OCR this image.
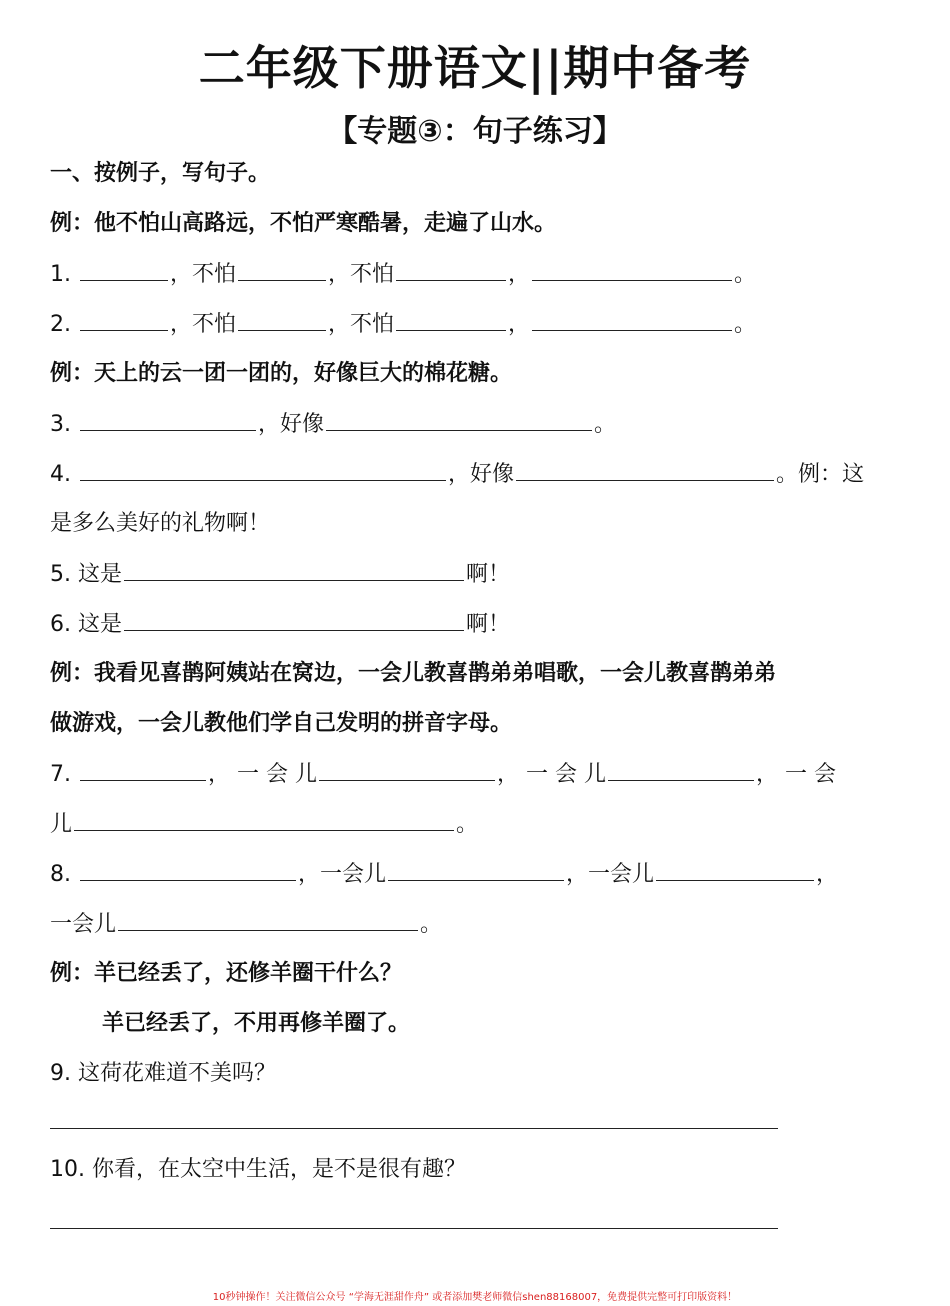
二年级下册语文||期中备考
【专题③：句子练习】
一、按例子，写句子。
例：他不怕山高路远，不怕严寒酷暑，走遍了山水。
1.	，不怕	，不怕	，	。
2.	，不怕	，不怕	，	。
例：天上的云一团一团的，好像巨大的棉花糖。
3.	，好像	。
4.	，好像	。例：这
是多么美好的礼物啊！
5. 这是	啊！
6. 这是	啊！
例：我看见喜鹊阿姨站在窝边，一会儿教喜鹊弟弟唱歌，一会儿教喜鹊弟弟
做游戏，一会儿教他们学自己发明的拼音字母。
7.	， 一 会 儿	， 一 会 儿	， 一 会
儿	。
8.	，一会儿	，一会儿	，
一会儿	。
例：羊已经丢了，还修羊圈干什么？
羊已经丢了，不用再修羊圈了。
9. 这荷花难道不美吗？
10. 你看，在太空中生活，是不是很有趣？
10秒钟操作！关注微信公众号 “学海无涯甜作舟” 或者添加樊老师微信shen88168007，免费提供完整可打印版资料！
